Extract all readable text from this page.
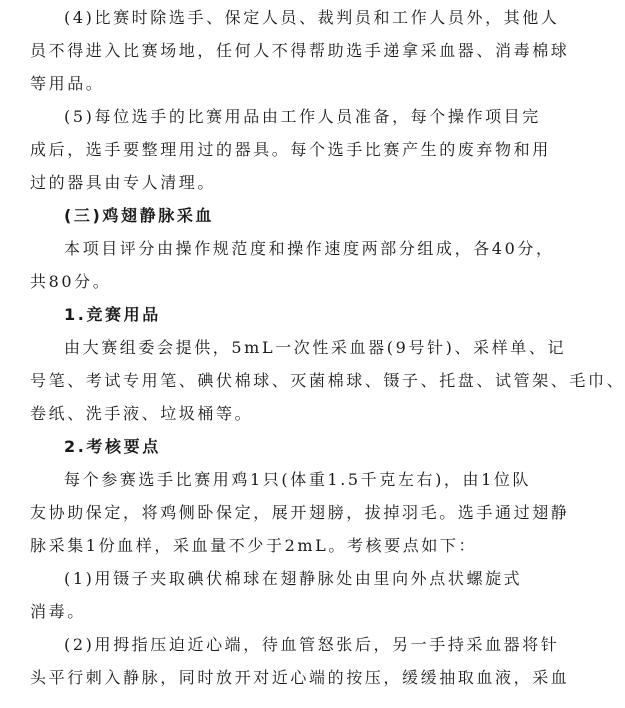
(4)比赛时除选手、保定人员、裁判员和工作人员外，其他人
员不得进入比赛场地，任何人不得帮助选手递拿采血器、消毒棉球
等用品。
(5)每位选手的比赛用品由工作人员准备，每个操作项目完
成后，选手要整理用过的器具。每个选手比赛产生的废弃物和用
过的器具由专人清理。
(三)鸡翅静脉采血
本项目评分由操作规范度和操作速度两部分组成，各40分，
共80分。
1.竞赛用品
由大赛组委会提供，5mL一次性采血器(9号针)、采样单、记
号笔、考试专用笔、碘伏棉球、灭菌棉球、镊子、托盘、试管架、毛巾、
卷纸、洗手液、垃圾桶等。
2.考核要点
每个参赛选手比赛用鸡1只(体重1.5千克左右)，由1位队
友协助保定，将鸡侧卧保定，展开翅膀，拔掉羽毛。选手通过翅静
脉采集1份血样，采血量不少于2mL。考核要点如下：
(1)用镊子夹取碘伏棉球在翅静脉处由里向外点状螺旋式
消毒。
(2)用拇指压迫近心端，待血管怒张后，另一手持采血器将针
头平行刺入静脉，同时放开对近心端的按压，缓缓抽取血液，采血
